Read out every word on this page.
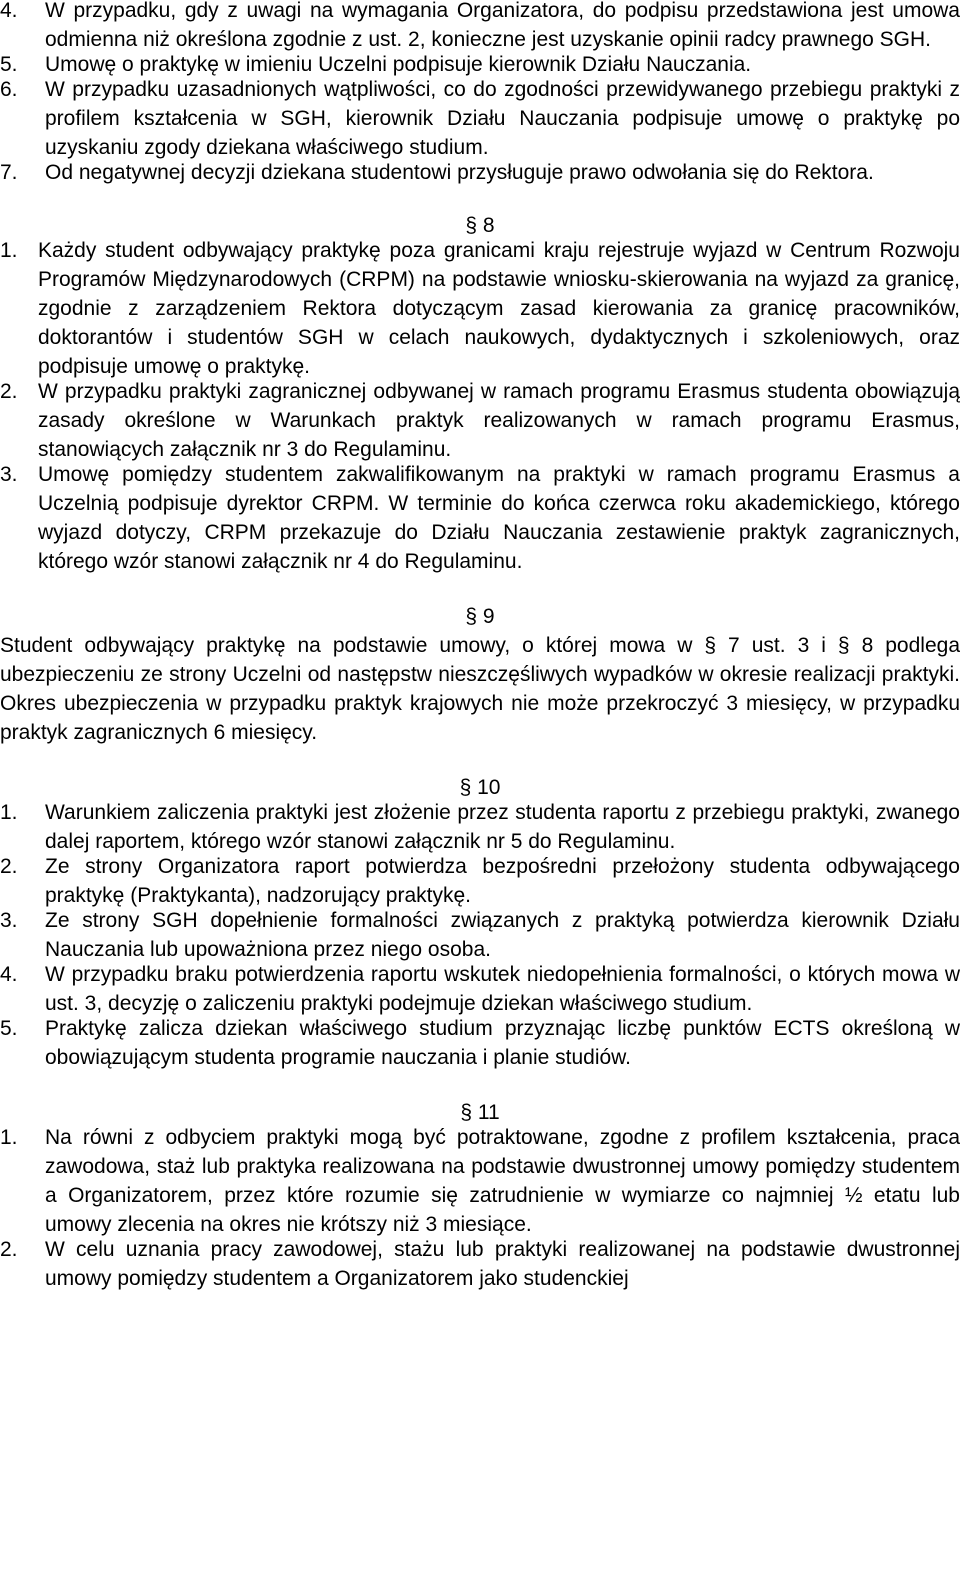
4. W przypadku, gdy z uwagi na wymagania Organizatora, do podpisu przedstawiona jest umowa odmienna niż określona zgodnie z ust. 2, konieczne jest uzyskanie opinii radcy prawnego SGH.
5. Umowę o praktykę w imieniu Uczelni podpisuje kierownik Działu Nauczania.
6. W przypadku uzasadnionych wątpliwości, co do zgodności przewidywanego przebiegu praktyki z profilem kształcenia w SGH, kierownik Działu Nauczania podpisuje umowę o praktykę po uzyskaniu zgody dziekana właściwego studium.
7. Od negatywnej decyzji dziekana studentowi przysługuje prawo odwołania się do Rektora.
§ 8
1. Każdy student odbywający praktykę poza granicami kraju rejestruje wyjazd w Centrum Rozwoju Programów Międzynarodowych (CRPM) na podstawie wniosku-skierowania na wyjazd za granicę, zgodnie z zarządzeniem Rektora dotyczącym zasad kierowania za granicę pracowników, doktorantów i studentów SGH w celach naukowych, dydaktycznych i szkoleniowych, oraz podpisuje umowę o praktykę.
2. W przypadku praktyki zagranicznej odbywanej w ramach programu Erasmus studenta obowiązują zasady określone w Warunkach praktyk realizowanych w ramach programu Erasmus, stanowiących załącznik nr 3 do Regulaminu.
3. Umowę pomiędzy studentem zakwalifikowanym na praktyki w ramach programu Erasmus a Uczelnią podpisuje dyrektor CRPM. W terminie do końca czerwca roku akademickiego, którego wyjazd dotyczy, CRPM przekazuje do Działu Nauczania zestawienie praktyk zagranicznych, którego wzór stanowi załącznik nr 4 do Regulaminu.
§ 9
Student odbywający praktykę na podstawie umowy, o której mowa w § 7 ust. 3 i § 8 podlega ubezpieczeniu ze strony Uczelni od następstw nieszczęśliwych wypadków w okresie realizacji praktyki. Okres ubezpieczenia w przypadku praktyk krajowych nie może przekroczyć 3 miesięcy, w przypadku praktyk zagranicznych 6 miesięcy.
§ 10
1. Warunkiem zaliczenia praktyki jest złożenie przez studenta raportu z przebiegu praktyki, zwanego dalej raportem, którego wzór stanowi załącznik nr 5 do Regulaminu.
2. Ze strony Organizatora raport potwierdza bezpośredni przełożony studenta odbywającego praktykę (Praktykanta), nadzorujący praktykę.
3. Ze strony SGH dopełnienie formalności związanych z praktyką potwierdza kierownik Działu Nauczania lub upoważniona przez niego osoba.
4. W przypadku braku potwierdzenia raportu wskutek niedopełnienia formalności, o których mowa w ust. 3, decyzję o zaliczeniu praktyki podejmuje dziekan właściwego studium.
5. Praktykę zalicza dziekan właściwego studium przyznając liczbę punktów ECTS określoną w obowiązującym studenta programie nauczania i planie studiów.
§ 11
1. Na równi z odbyciem praktyki mogą być potraktowane, zgodne z profilem kształcenia, praca zawodowa, staż lub praktyka realizowana na podstawie dwustronnej umowy pomiędzy studentem a Organizatorem, przez które rozumie się zatrudnienie w wymiarze co najmniej ½ etatu lub umowy zlecenia na okres nie krótszy niż 3 miesiące.
2. W celu uznania pracy zawodowej, stażu lub praktyki realizowanej na podstawie dwustronnej umowy pomiędzy studentem a Organizatorem jako studenckiej
